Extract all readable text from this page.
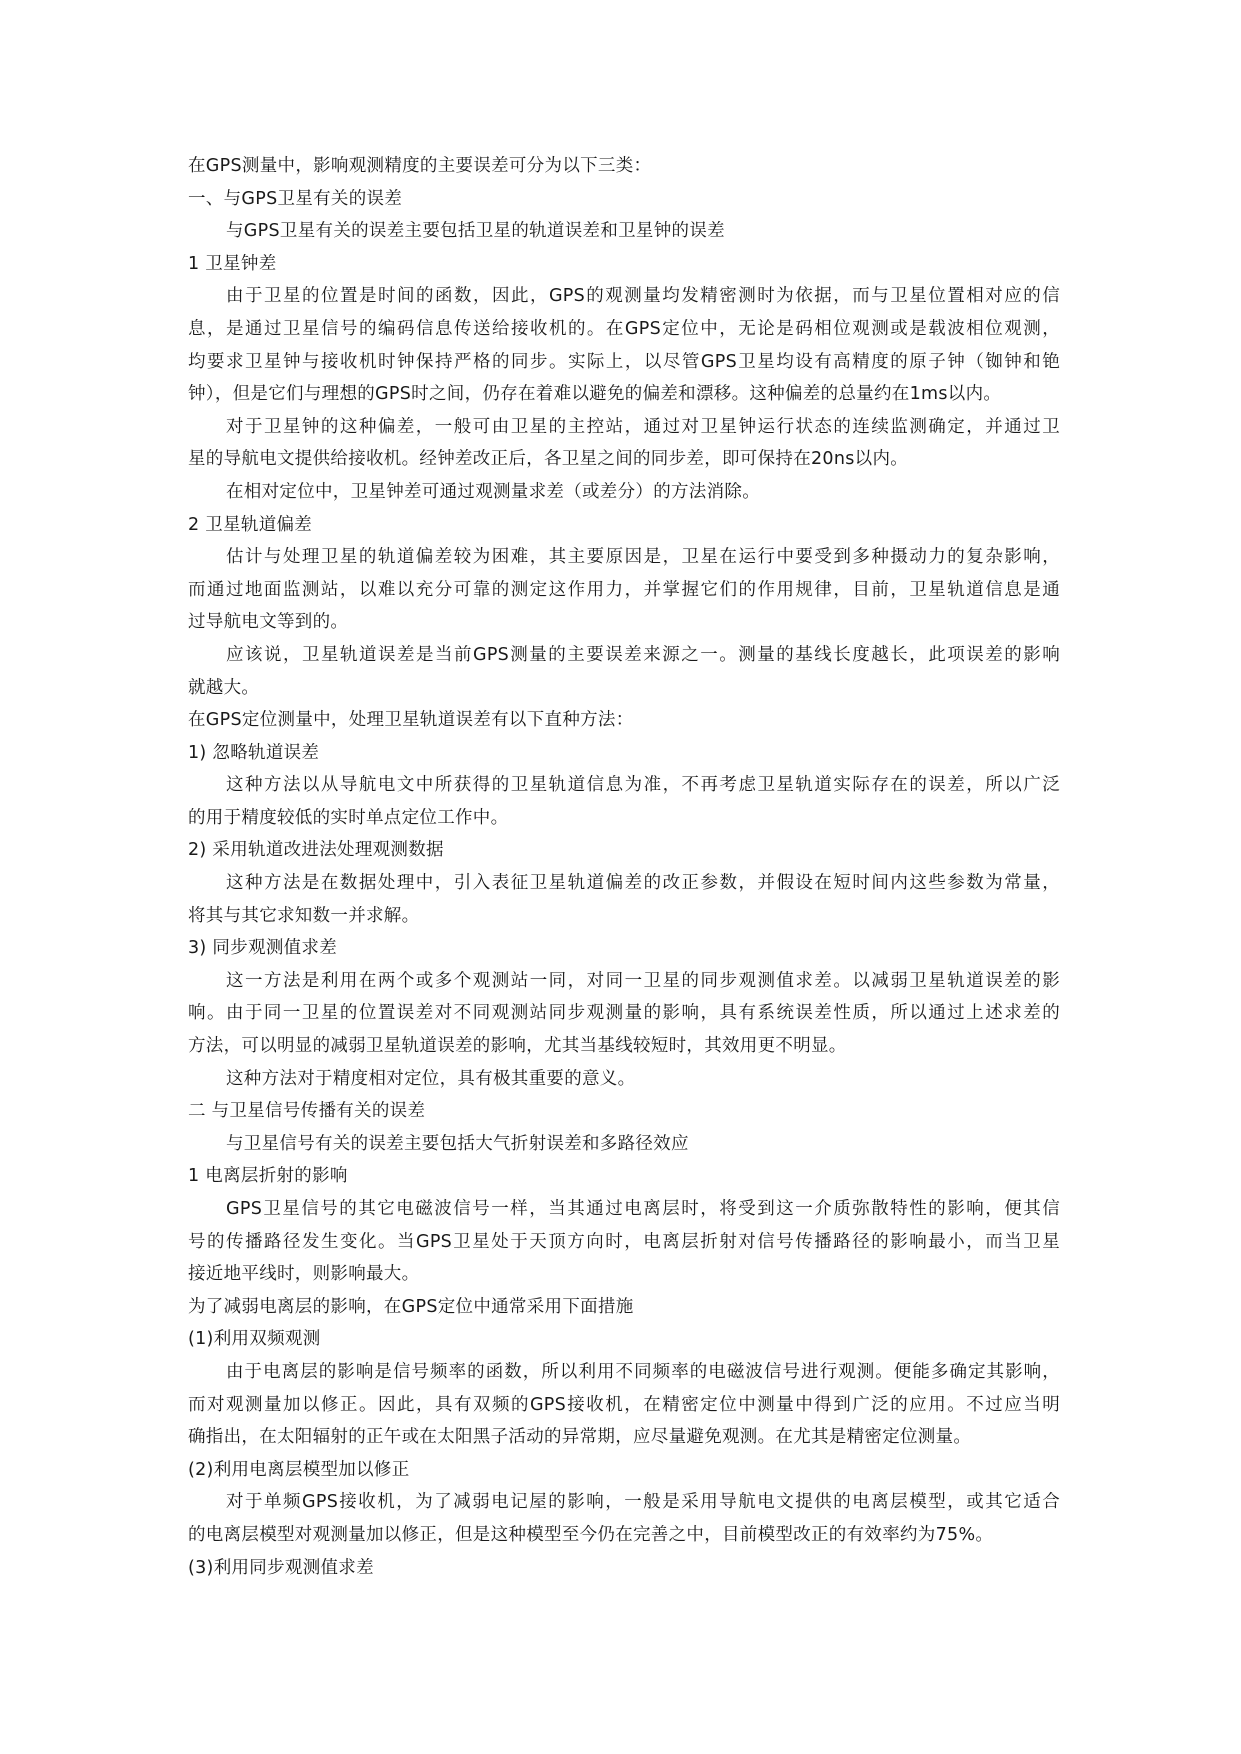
在GPS测量中，影响观测精度的主要误差可分为以下三类：
一、与GPS卫星有关的误差
与GPS卫星有关的误差主要包括卫星的轨道误差和卫星钟的误差
1 卫星钟差
由于卫星的位置是时间的函数，因此，GPS的观测量均发精密测时为依据，而与卫星位置相对应的信
息，是通过卫星信号的编码信息传送给接收机的。在GPS定位中，无论是码相位观测或是载波相位观测，
均要求卫星钟与接收机时钟保持严格的同步。实际上，以尽管GPS卫星均设有高精度的原子钟（铷钟和铯
钟），但是它们与理想的GPS时之间，仍存在着难以避免的偏差和漂移。这种偏差的总量约在1ms以内。
对于卫星钟的这种偏差，一般可由卫星的主控站，通过对卫星钟运行状态的连续监测确定，并通过卫
星的导航电文提供给接收机。经钟差改正后，各卫星之间的同步差，即可保持在20ns以内。
在相对定位中，卫星钟差可通过观测量求差（或差分）的方法消除。
2 卫星轨道偏差
估计与处理卫星的轨道偏差较为困难，其主要原因是，卫星在运行中要受到多种摄动力的复杂影响，
而通过地面监测站，以难以充分可靠的测定这作用力，并掌握它们的作用规律，目前，卫星轨道信息是通
过导航电文等到的。
应该说，卫星轨道误差是当前GPS测量的主要误差来源之一。测量的基线长度越长，此项误差的影响
就越大。
在GPS定位测量中，处理卫星轨道误差有以下直种方法：
1) 忽略轨道误差
这种方法以从导航电文中所获得的卫星轨道信息为准，不再考虑卫星轨道实际存在的误差，所以广泛
的用于精度较低的实时单点定位工作中。
2) 采用轨道改进法处理观测数据
这种方法是在数据处理中，引入表征卫星轨道偏差的改正参数，并假设在短时间内这些参数为常量，
将其与其它求知数一并求解。
3) 同步观测值求差
这一方法是利用在两个或多个观测站一同，对同一卫星的同步观测值求差。以减弱卫星轨道误差的影
响。由于同一卫星的位置误差对不同观测站同步观测量的影响，具有系统误差性质，所以通过上述求差的
方法，可以明显的减弱卫星轨道误差的影响，尤其当基线较短时，其效用更不明显。
这种方法对于精度相对定位，具有极其重要的意义。
二 与卫星信号传播有关的误差
与卫星信号有关的误差主要包括大气折射误差和多路径效应
1 电离层折射的影响
GPS卫星信号的其它电磁波信号一样，当其通过电离层时，将受到这一介质弥散特性的影响，便其信
号的传播路径发生变化。当GPS卫星处于天顶方向时，电离层折射对信号传播路径的影响最小，而当卫星
接近地平线时，则影响最大。
为了减弱电离层的影响，在GPS定位中通常采用下面措施
(1)利用双频观测
由于电离层的影响是信号频率的函数，所以利用不同频率的电磁波信号进行观测。便能多确定其影响，
而对观测量加以修正。因此，具有双频的GPS接收机，在精密定位中测量中得到广泛的应用。不过应当明
确指出，在太阳辐射的正午或在太阳黑子活动的异常期，应尽量避免观测。在尤其是精密定位测量。
(2)利用电离层模型加以修正
对于单频GPS接收机，为了减弱电记屋的影响，一般是采用导航电文提供的电离层模型，或其它适合
的电离层模型对观测量加以修正，但是这种模型至今仍在完善之中，目前模型改正的有效率约为75%。
(3)利用同步观测值求差
